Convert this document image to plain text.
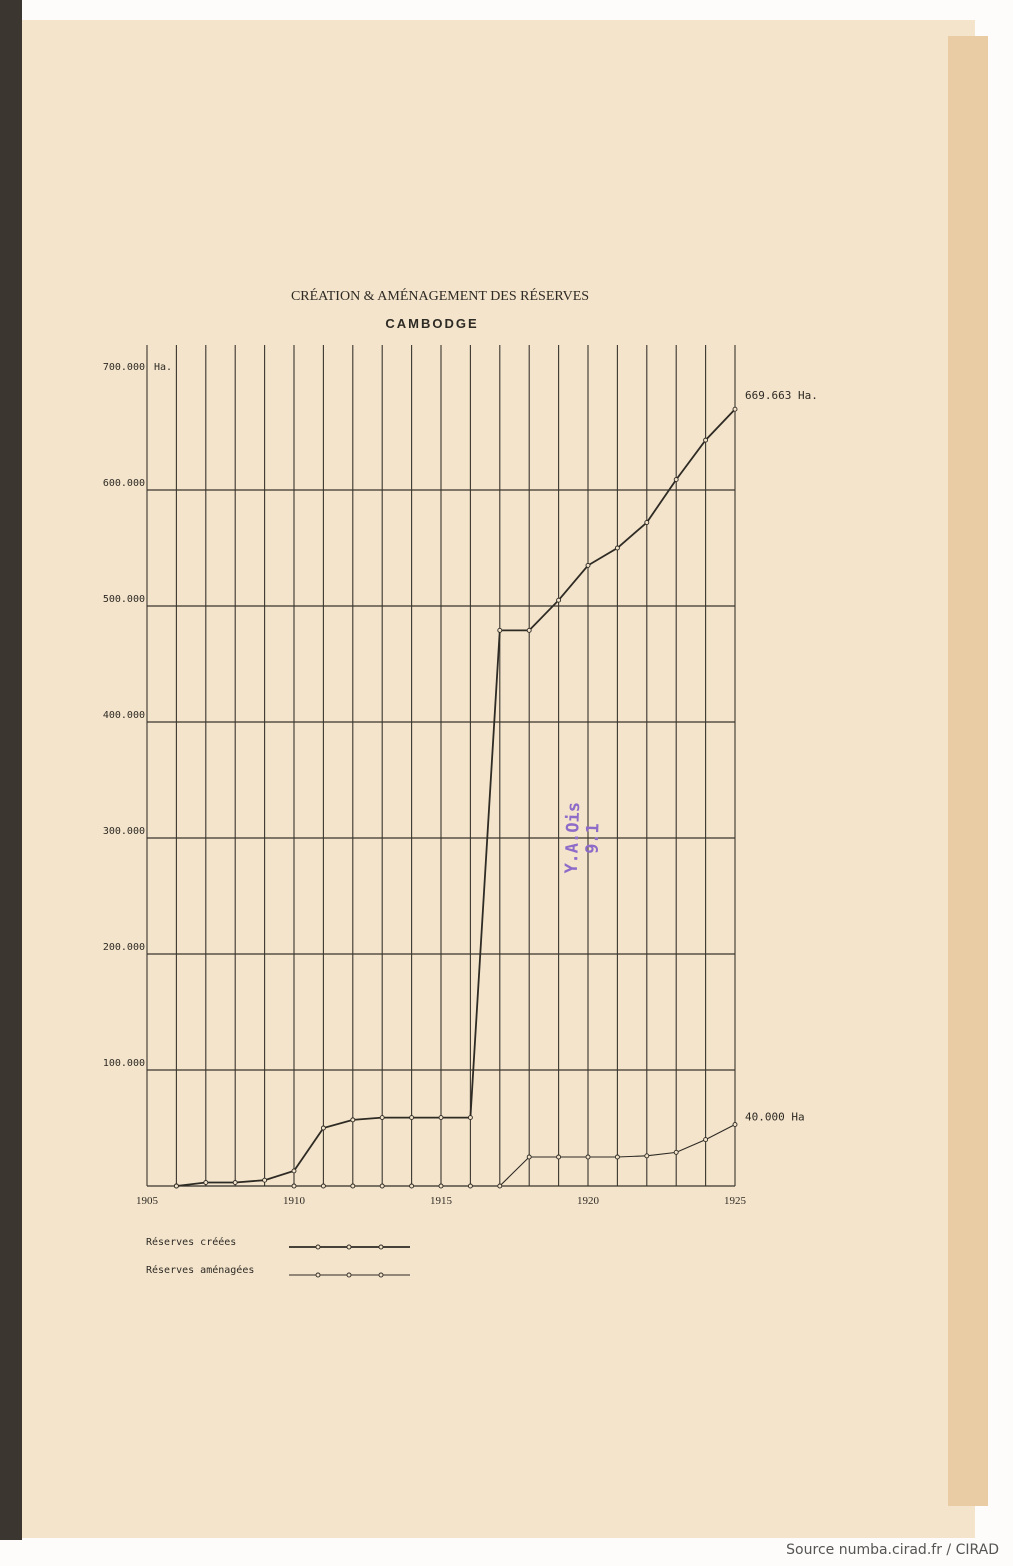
CRÉATION & AMÉNAGEMENT DES RÉSERVES
CAMBODGE
100.000
200.000
300.000
400.000
500.000
600.000
700.000 Ha.
1905	1910	1915	1920	1925
669.663 Ha.
40.000 Ha
Réserves créées
Réserves aménagées
Y.A.Ois
9.1
Source numba.cirad.fr / CIRAD
